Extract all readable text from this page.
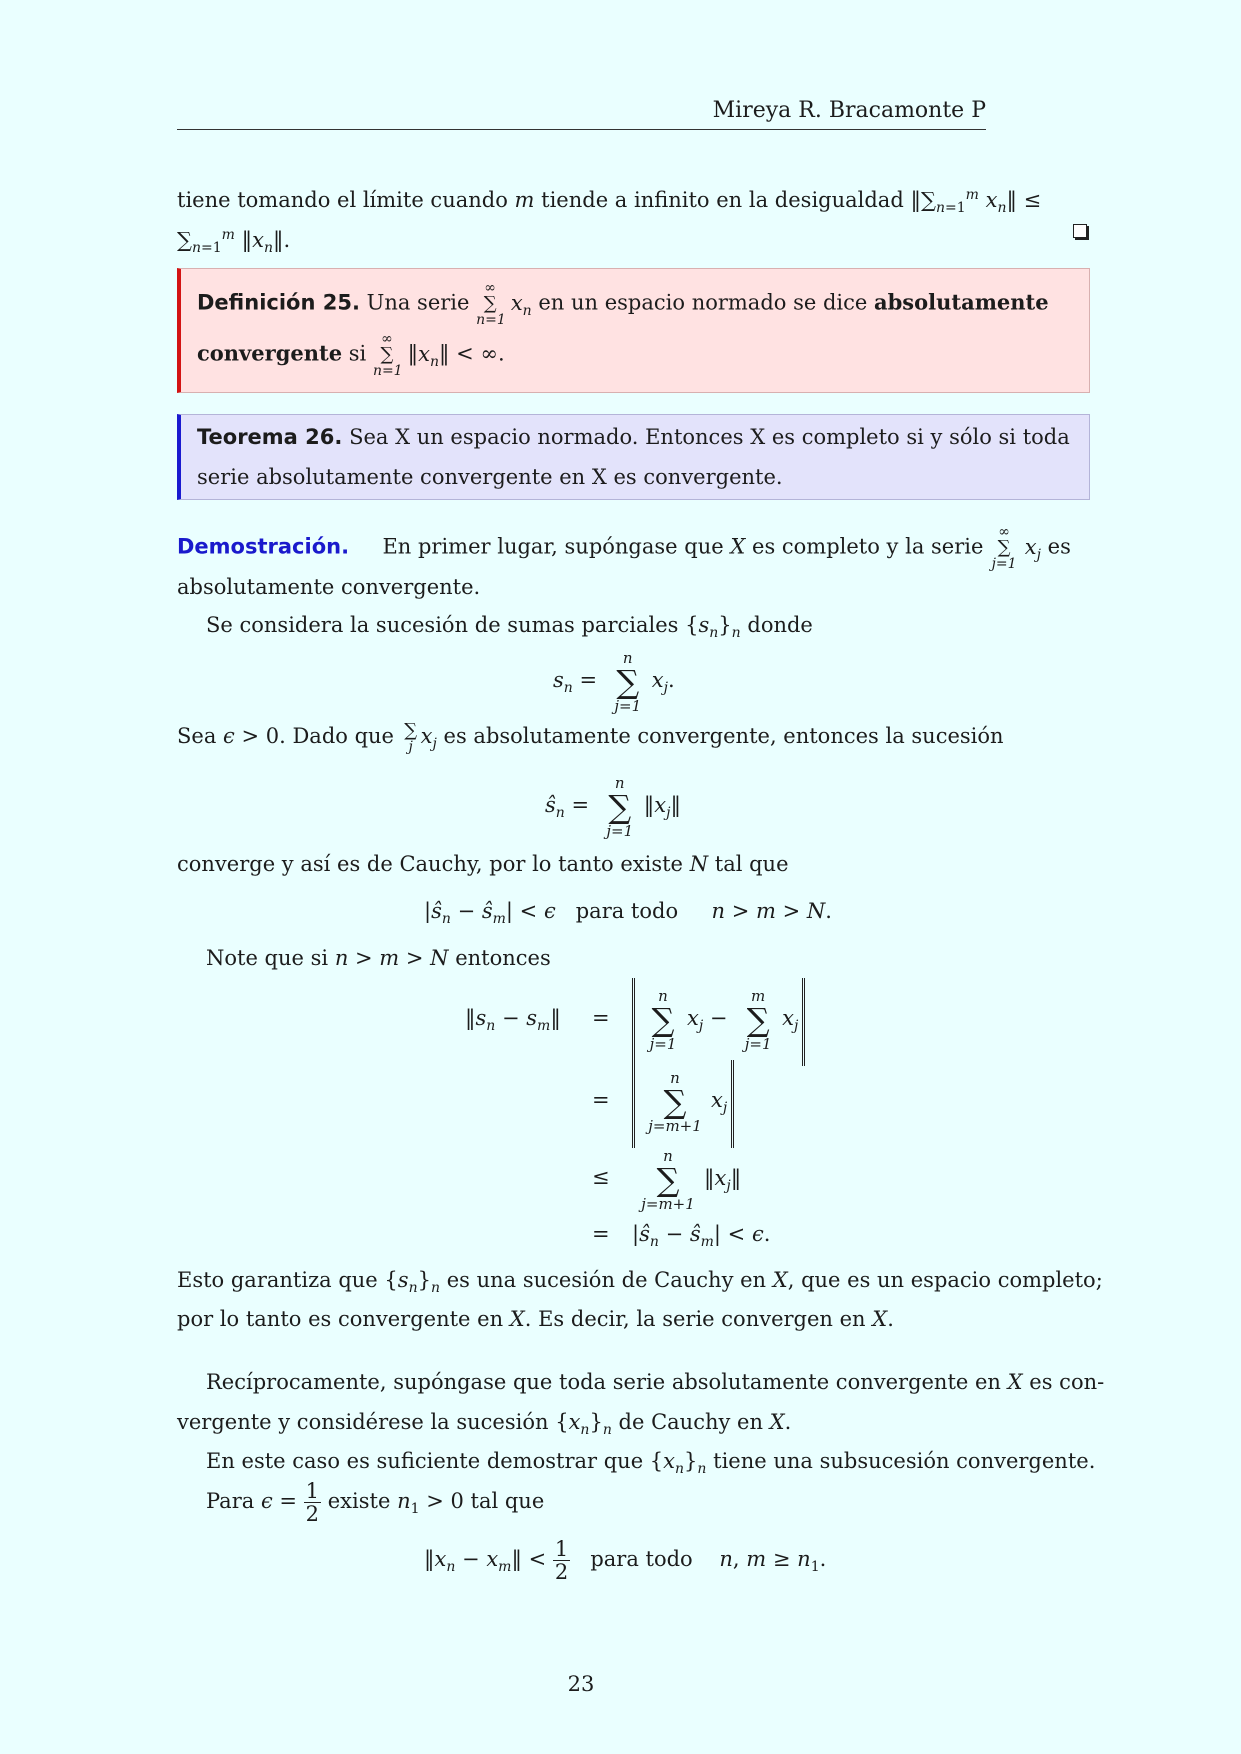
Mireya R. Bracamonte P
tiene tomando el límite cuando m tiende a infinito en la desigualdad $‖\sum_{n=1}^m$ $x_n‖$ ≤
$\sum_{n=1}^m$ $‖x_n‖$.
Definición 25. Una serie
∞
∑
n=1
$x_n$ en un espacio normado se dice absolutamente
convergente si
∞
∑
n=1
$‖x_n‖$ < ∞.
Teorema 26. Sea X un espacio normado. Entonces X es completo si y sólo si toda
serie absolutamente convergente en X es convergente.
Demostración. En primer lugar, supóngase que X es completo y la serie
∞
∑
j=1
$x_j$ es
absolutamente convergente.
Se considera la sucesión de sumas parciales $\{s_n\}_n$ donde
$s_n$ =
n
∑
j=1
$x_j$.
Sea ϵ > 0. Dado que ∑
j $x_j$ es absolutamente convergente, entonces la sucesión
$ŝ_n$ =
n
∑
j=1
$‖x_j‖$
converge y así es de Cauchy, por lo tanto existe N tal que
$|ŝ_n$ − $ŝ_m| < \epsilon$ para todo n > m > N.
Note que si n > m > N entonces
$‖s_n$ − $s_m‖$ =
n
∑
j=1
$x_j$ −
m
∑
j=1
$x_j$
=
n
∑
j=m+1
$x_j$
≤
n
∑
j=m+1
$‖x_j‖$
= $|ŝ_n$ − $ŝ_m| < \epsilon$.
Esto garantiza que $\{s_n\}_n$ es una sucesión de Cauchy en X, que es un espacio completo;
por lo tanto es convergente en X. Es decir, la serie convergen en X.
Recíprocamente, supóngase que toda serie absolutamente convergente en X es con-
vergente y considérese la sucesión $\{x_n\}_n$ de Cauchy en X.
En este caso es suficiente demostrar que $\{x_n\}_n$ tiene una subsucesión convergente.
Para $\epsilon = \frac{1}{2}$ existe $n_1 > 0$ tal que
$‖x_n$ − $x_m‖ < \frac{1}{2}$ para todo n, $m \ge n_1$.
23
